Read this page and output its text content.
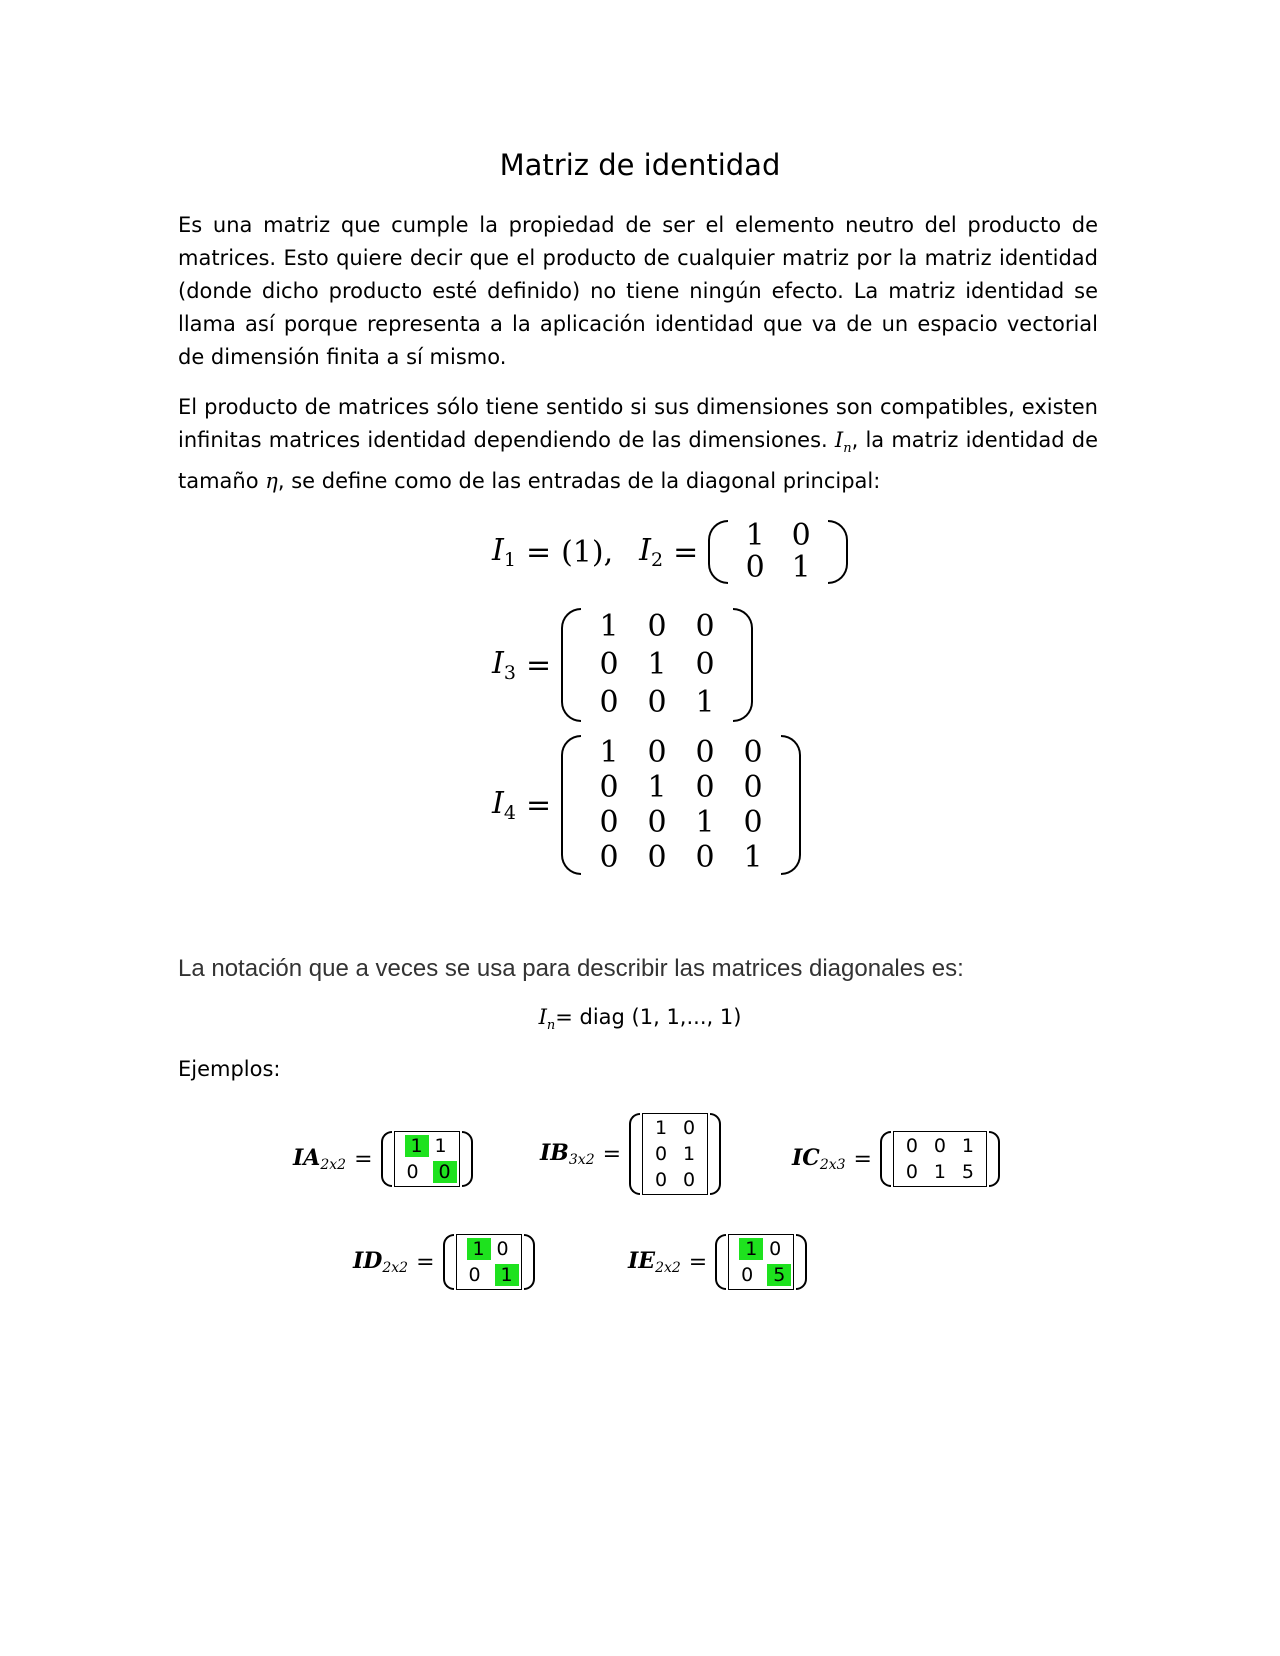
Matriz de identidad

Es una matriz que cumple la propiedad de ser el elemento neutro del producto de matrices. Esto quiere decir que el producto de cualquier matriz por la matriz identidad (donde dicho producto esté definido) no tiene ningún efecto. La matriz identidad se llama así porque representa a la aplicación identidad que va de un espacio vectorial de dimensión finita a sí mismo.

El producto de matrices sólo tiene sentido si sus dimensiones son compatibles, existen infinitas matrices identidad dependiendo de las dimensiones. $I_n$, la matriz identidad de tamaño η, se define como de las entradas de la diagonal principal:

$I_1 = (1)$, $I_2$ =	1 0
0 1
$I_3$ =
1 0 0
0 1 0
0 0 1
$I_4$ =
1 0 0 0
0 1 0 0
0 0 1 0
0 0 0 1
La notación que a veces se usa para describir las matrices diagonales es:
$I_n=$ diag (1, 1,..., 1)
Ejemplos:
$IA_{2x2}$ =
1 1
0	0
$IB_{3x2}$ =
1 0
0 1
0 0
$IC_{2x3}$ =
0 0 1
0 1 5
$ID_{2x2}$ =
1 0
0	1
$IE_{2x2}$ =
1 0
0	5
